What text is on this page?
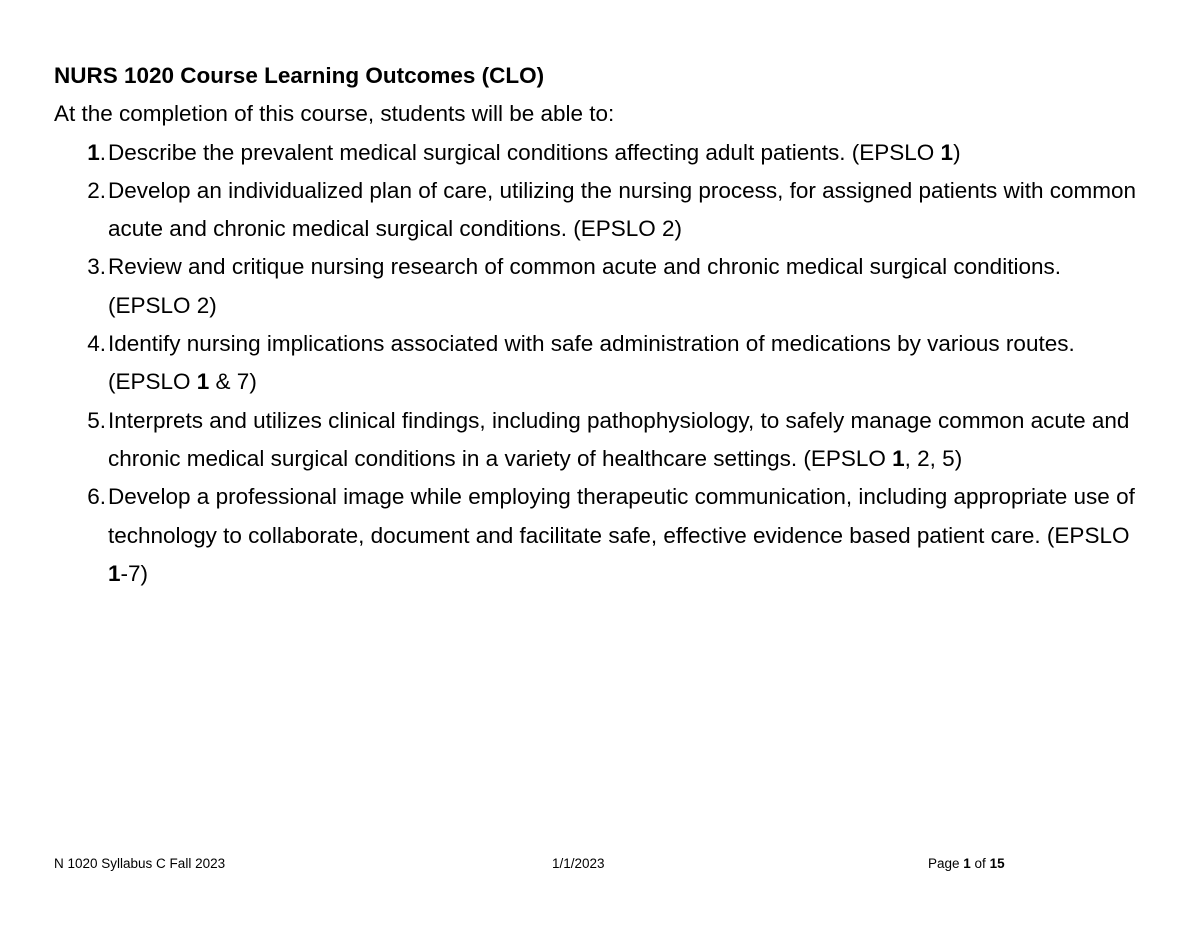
NURS 1020 Course Learning Outcomes (CLO)

At the completion of this course, students will be able to:

1. Describe the prevalent medical surgical conditions affecting adult patients. (EPSLO 1)
2. Develop an individualized plan of care, utilizing the nursing process, for assigned patients with common acute and chronic medical surgical conditions. (EPSLO 2)
3. Review and critique nursing research of common acute and chronic medical surgical conditions. (EPSLO 2)
4. Identify nursing implications associated with safe administration of medications by various routes. (EPSLO 1 & 7)
5. Interprets and utilizes clinical findings, including pathophysiology, to safely manage common acute and chronic medical surgical conditions in a variety of healthcare settings. (EPSLO 1, 2, 5)
6. Develop a professional image while employing therapeutic communication, including appropriate use of technology to collaborate, document and facilitate safe, effective evidence based patient care. (EPSLO 1-7)
N 1020 Syllabus C Fall 2023	1/1/2023	Page 1 of 15
